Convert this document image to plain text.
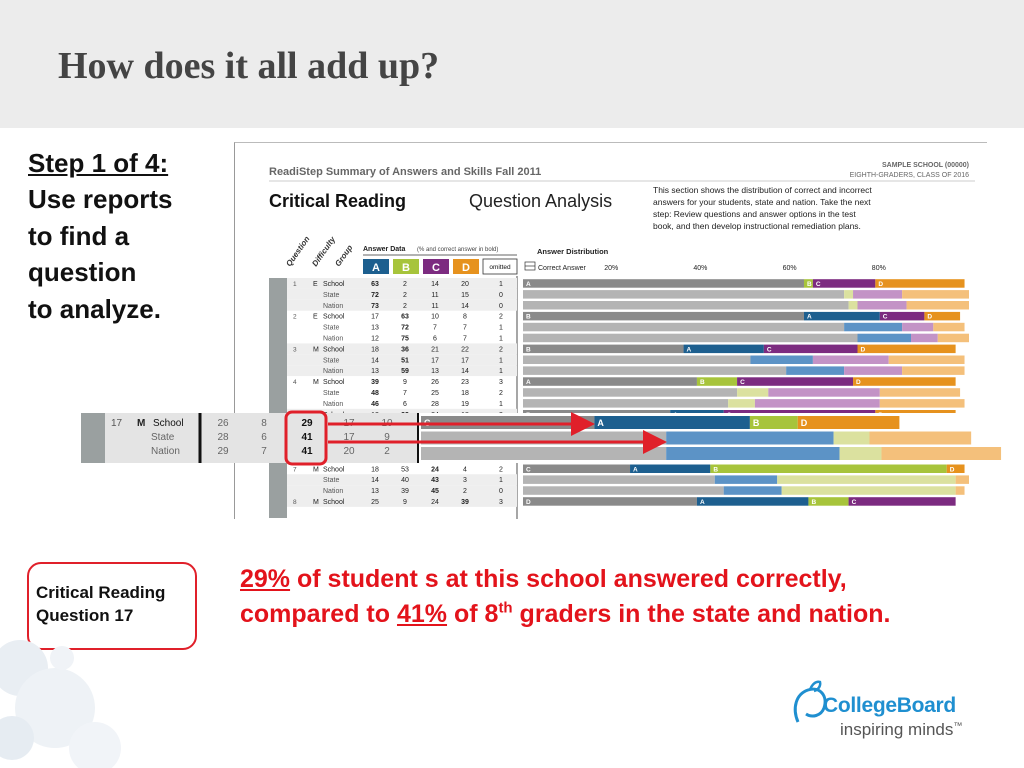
How does it all add up?
Step 1 of 4:
Use reports
to find a
question
to analyze.
ReadiStep Summary of Answers and Skills Fall 2011
SAMPLE SCHOOL (00000)
EIGHTH-GRADERS, CLASS OF 2016
Critical Reading	Question Analysis
This section shows the distribution of correct and incorrect
answers for your students, state and nation. Take the next
step: Review questions and answer options in the test
book, and then develop instructional remediation plans.
Question
Difficulty
Group Answer Data (% and correct answer in bold)
A B C D	omitted
Answer Distribution
Correct Answer	20%	40%	60%	80%
1 E School	63	2	14	20	1	A	B C	D
State	72	2	11	15	0
Nation	73	2	11	14	0
2 E School	17	63	10	8	2	B	A	C	D
State	13	72	7	7	1
Nation	12	75	6	7	1
3 M School	18	36	21	22	2	B	A	C	D
State	14	51	17	17	1
Nation	13	59	13	14	1
4 M School	39	9	26	23	3	A	B	C	D
State	48	7	25	18	2
Nation	46	6	28	19	1
7 M School	18	53	24	4	2	C	A	B	D
State	14	40	43	3	1
Nation	13	39	45	2	0
8 M School	25	9	24	39	3	D	A	B	C
17 M School	26	8	29	17	10	C	A	B	D
State	28	6	41	17	9
Nation	29	7	41	20	2
Critical Reading
Question 17
29% of student s at this school answered correctly,
compared to 41% of 8th graders in the state and nation.
CollegeBoard
inspiring minds™
